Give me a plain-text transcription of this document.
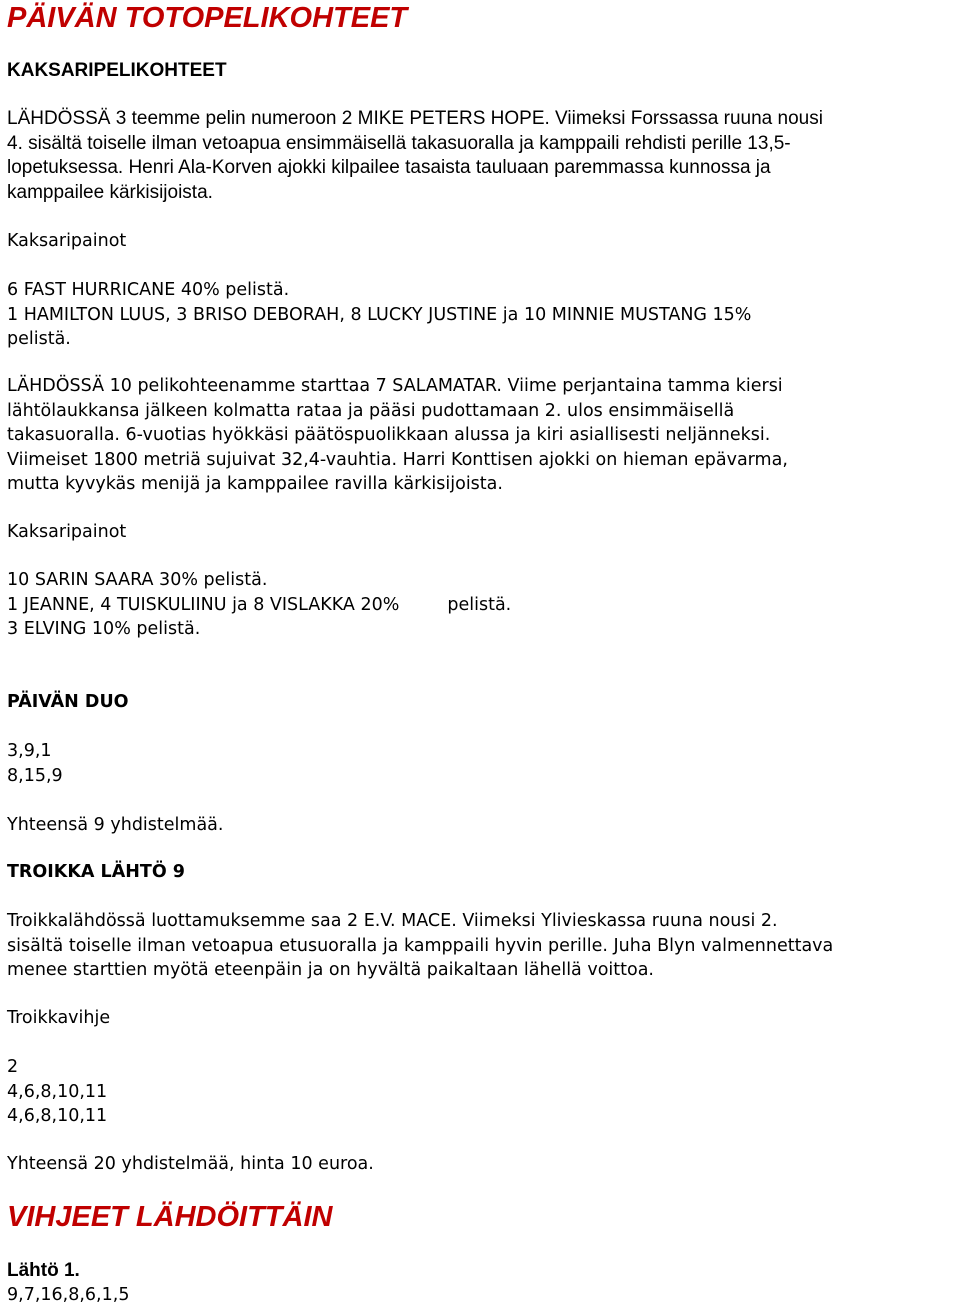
PÄIVÄN TOTOPELIKOHTEET
KAKSARIPELIKOHTEET
LÄHDÖSSÄ 3 teemme pelin numeroon 2 MIKE PETERS HOPE. Viimeksi Forssassa ruuna nousi
4. sisältä toiselle ilman vetoapua ensimmäisellä takasuoralla ja kamppaili rehdisti perille 13,5-
lopetuksessa. Henri Ala-Korven ajokki kilpailee tasaista tauluaan paremmassa kunnossa ja
kamppailee kärkisijoista.
Kaksaripainot
6 FAST HURRICANE 40% pelistä.
1 HAMILTON LUUS, 3 BRISO DEBORAH, 8 LUCKY JUSTINE ja 10 MINNIE MUSTANG 15%
pelistä.
LÄHDÖSSÄ 10 pelikohteenamme starttaa 7 SALAMATAR. Viime perjantaina tamma kiersi
lähtölaukkansa jälkeen kolmatta rataa ja pääsi pudottamaan 2. ulos ensimmäisellä
takasuoralla. 6-vuotias hyökkäsi päätöspuolikkaan alussa ja kiri asiallisesti neljänneksi.
Viimeiset 1800 metriä sujuivat 32,4-vauhtia. Harri Konttisen ajokki on hieman epävarma,
mutta kyvykäs menijä ja kamppailee ravilla kärkisijoista.
Kaksaripainot
10 SARIN SAARA 30% pelistä.
1 JEANNE, 4 TUISKULIINU ja 8 VISLAKKA 20%	pelistä.
3 ELVING 10% pelistä.
PÄIVÄN DUO
3,9,1
8,15,9
Yhteensä 9 yhdistelmää.
TROIKKA LÄHTÖ 9
Troikkalähdössä luottamuksemme saa 2 E.V. MACE. Viimeksi Ylivieskassa ruuna nousi 2.
sisältä toiselle ilman vetoapua etusuoralla ja kamppaili hyvin perille. Juha Blyn valmennettava
menee starttien myötä eteenpäin ja on hyvältä paikaltaan lähellä voittoa.
Troikkavihje
2
4,6,8,10,11
4,6,8,10,11
Yhteensä 20 yhdistelmää, hinta 10 euroa.
VIHJEET LÄHDÖITTÄIN
Lähtö 1.
9,7,16,8,6,1,5
